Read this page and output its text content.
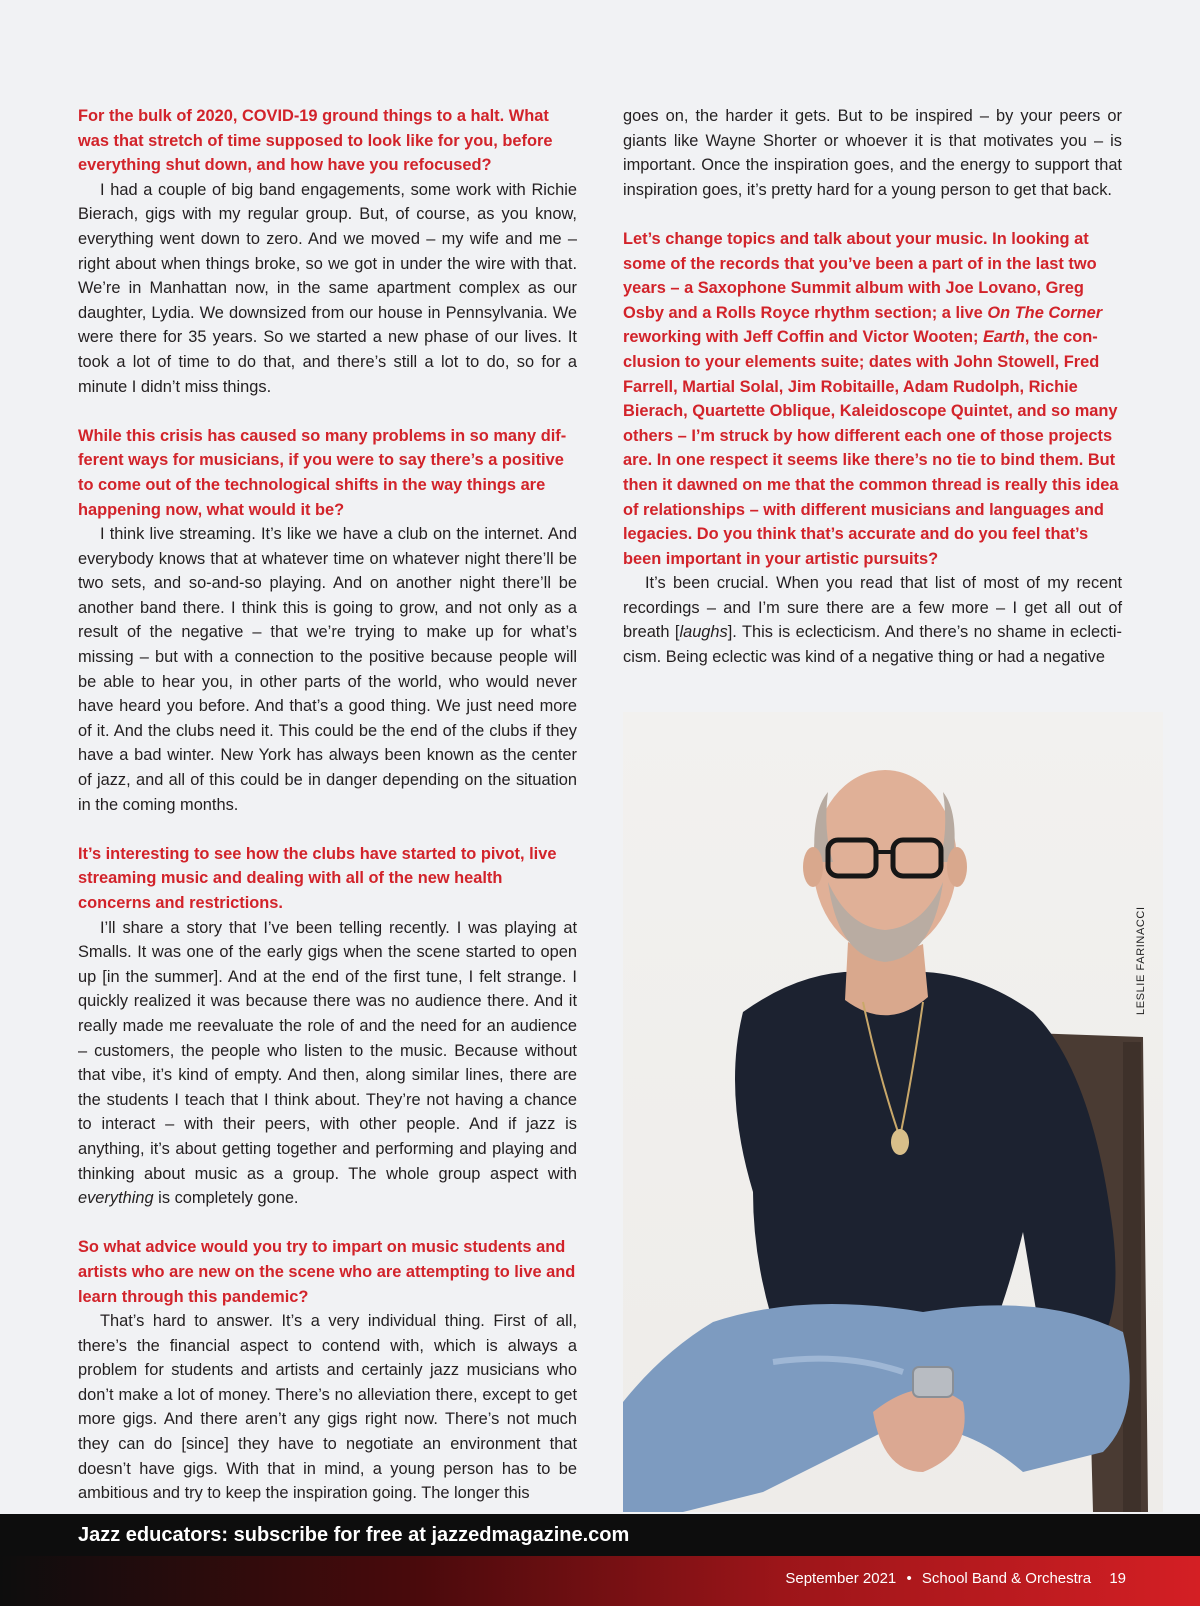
For the bulk of 2020, COVID-19 ground things to a halt. What was that stretch of time supposed to look like for you, before everything shut down, and how have you refocused?

I had a couple of big band engagements, some work with Richie Bierach, gigs with my regular group. But, of course, as you know, everything went down to zero. And we moved – my wife and me – right about when things broke, so we got in under the wire with that. We’re in Manhattan now, in the same apartment complex as our daughter, Lydia. We downsized from our house in Pennsylvania. We were there for 35 years. So we started a new phase of our lives. It took a lot of time to do that, and there’s still a lot to do, so for a minute I didn’t miss things.

While this crisis has caused so many problems in so many different ways for musicians, if you were to say there’s a positive to come out of the technological shifts in the way things are happening now, what would it be?

I think live streaming. It’s like we have a club on the internet. And everybody knows that at whatever time on whatever night there’ll be two sets, and so-and-so playing. And on another night there’ll be another band there. I think this is going to grow, and not only as a result of the negative – that we’re trying to make up for what’s missing – but with a connection to the positive because people will be able to hear you, in other parts of the world, who would never have heard you before. And that’s a good thing. We just need more of it. And the clubs need it. This could be the end of the clubs if they have a bad winter. New York has always been known as the center of jazz, and all of this could be in danger depending on the situation in the coming months.

It’s interesting to see how the clubs have started to pivot, live streaming music and dealing with all of the new health concerns and restrictions.

I’ll share a story that I’ve been telling recently. I was playing at Smalls. It was one of the early gigs when the scene started to open up [in the summer]. And at the end of the first tune, I felt strange. I quickly realized it was because there was no audience there. And it really made me reevaluate the role of and the need for an audience – customers, the people who listen to the music. Because without that vibe, it’s kind of empty. And then, along similar lines, there are the students I teach that I think about. They’re not having a chance to interact – with their peers, with other people. And if jazz is anything, it’s about getting together and performing and playing and thinking about music as a group. The whole group aspect with everything is completely gone.

So what advice would you try to impart on music students and artists who are new on the scene who are attempting to live and learn through this pandemic?

That’s hard to answer. It’s a very individual thing. First of all, there’s the financial aspect to contend with, which is always a problem for students and artists and certainly jazz musicians who don’t make a lot of money. There’s no alleviation there, except to get more gigs. And there aren’t any gigs right now. There’s not much they can do [since] they have to negotiate an environment that doesn’t have gigs. With that in mind, a young person has to be ambitious and try to keep the inspiration going. The longer this

goes on, the harder it gets. But to be inspired – by your peers or giants like Wayne Shorter or whoever it is that motivates you – is important. Once the inspiration goes, and the energy to support that inspiration goes, it’s pretty hard for a young person to get that back.

Let’s change topics and talk about your music. In looking at some of the records that you’ve been a part of in the last two years – a Saxophone Summit album with Joe Lovano, Greg Osby and a Rolls Royce rhythm section; a live On The Corner reworking with Jeff Coffin and Victor Wooten; Earth, the conclusion to your elements suite; dates with John Stowell, Fred Farrell, Martial Solal, Jim Robitaille, Adam Rudolph, Richie Bierach, Quartette Oblique, Kaleidoscope Quintet, and so many others – I’m struck by how different each one of those projects are. In one respect it seems like there’s no tie to bind them. But then it dawned on me that the common thread is really this idea of relationships – with different musicians and languages and legacies. Do you think that’s accurate and do you feel that’s been important in your artistic pursuits?

It’s been crucial. When you read that list of most of my recent recordings – and I’m sure there are a few more – I get all out of breath [laughs]. This is eclecticism. And there’s no shame in eclecticism. Being eclectic was kind of a negative thing or had a negative

LESLIE FARINACCI
Jazz educators: subscribe for free at jazzedmagazine.com
September 2021 • School Band & Orchestra 19
